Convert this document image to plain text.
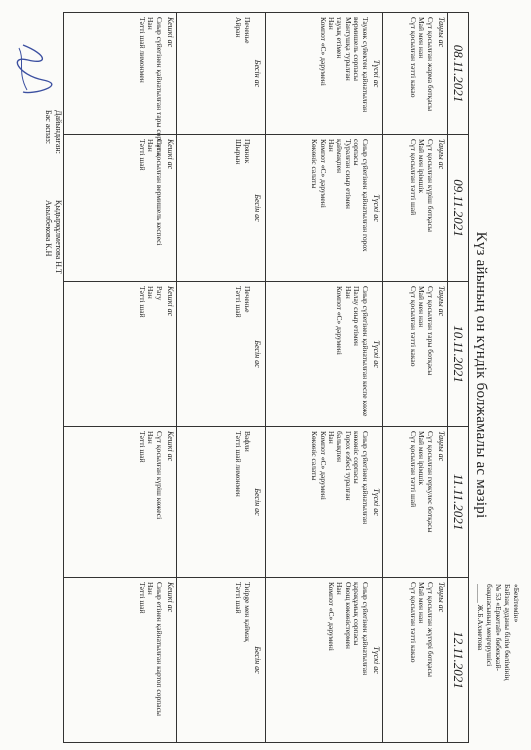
«Бекітемін»
Байзақ ауданы білім бөлімінің
№ 53 «Еркетай» бөбекжай-
бақшасының меңгерушісі
_____ Ж.Б.Ахметова
Күз айының он күндік болжамалы ас мәзірі
08.11.2021
Таңғы ас
Сүт қосылған жарма ботқасы
Май мен нан
Сүт қосылған тәтті какао
Түскі ас
Таукөк сүйектен қайнатылған
вермишель сорпасы
Мантушқа туралған
тауық етімен
Нан
Компот «С» дәруменi
Бесін ас
Печенье
Айран
Кешкі ас
Сиыр сүйегінен қайнатылған тары сорпасы
Нан
Тәтті шай лимонмен
09.11.2021
Таңғы ас
Сүт қосылған күріш ботқасы
Май мен ірімшік
Сүт қосылған тәтті шай
Түскі ас
Сиыр сүйегінен қайнатылған горох
сорпасы
Туралған сиыр етімен
қаймақпен
Нан
Компот «С» дәруменi
Көкөніс салаты
Бесін ас
Пряник
Шырын
Кешкі ас
Сүт қосылған вермишель кеспесі
Нан
Тәтті шай
10.11.2021
Таңғы ас
Сүт қосылған тары ботқасы
Май мен нан
Сүт қосылған тәтті какао
Түскі ас
Сиыр сүйегінен қайнатылған кеспе көже
Палау сиыр етімен
Нан
Компот «С» дәруменi
Бесін ас
Печенье
Тәтті шай
Кешкі ас
Рагу
Нан
Тәтті шай
11.11.2021
Таңғы ас
Сүт қосылған геркулес ботқасы
Май мен ірімшік
Сүт қосылған тәтті шай
Түскі ас
Сиыр сүйегінен қайнатылған
көкөніс сорпасы
Гороx езбесі туралған
балықпен
Нан
Компот «С» дәруменi
Көкөніс салаты
Бесін ас
Вафли
Тәтті шай лимонмен
Кешкі ас
Сүт қосылған күріш көжесі
Нан
Тәтті шай
12.11.2021
Таңғы ас
Сүт қосылған жүгері ботқасы
Май мен нан
Сүт қосылған тәтті какао
Түскі ас
Сиыр сүйегінен қайнатылған
қарақұмық сорпасы
Овощ көкөністермен
Нан
Компот «С» дәруменi
Бесін ас
Тиірge мен қаймақ
Тәтті шай
Кешкі ас
Сиыр етінен қайнатылған картоп сорпасы
Нан
Тәтті шай
Дайындаған:
Қыдырқұлметова Н.Т
Бас аспаз:
Акылбекова К.Н
